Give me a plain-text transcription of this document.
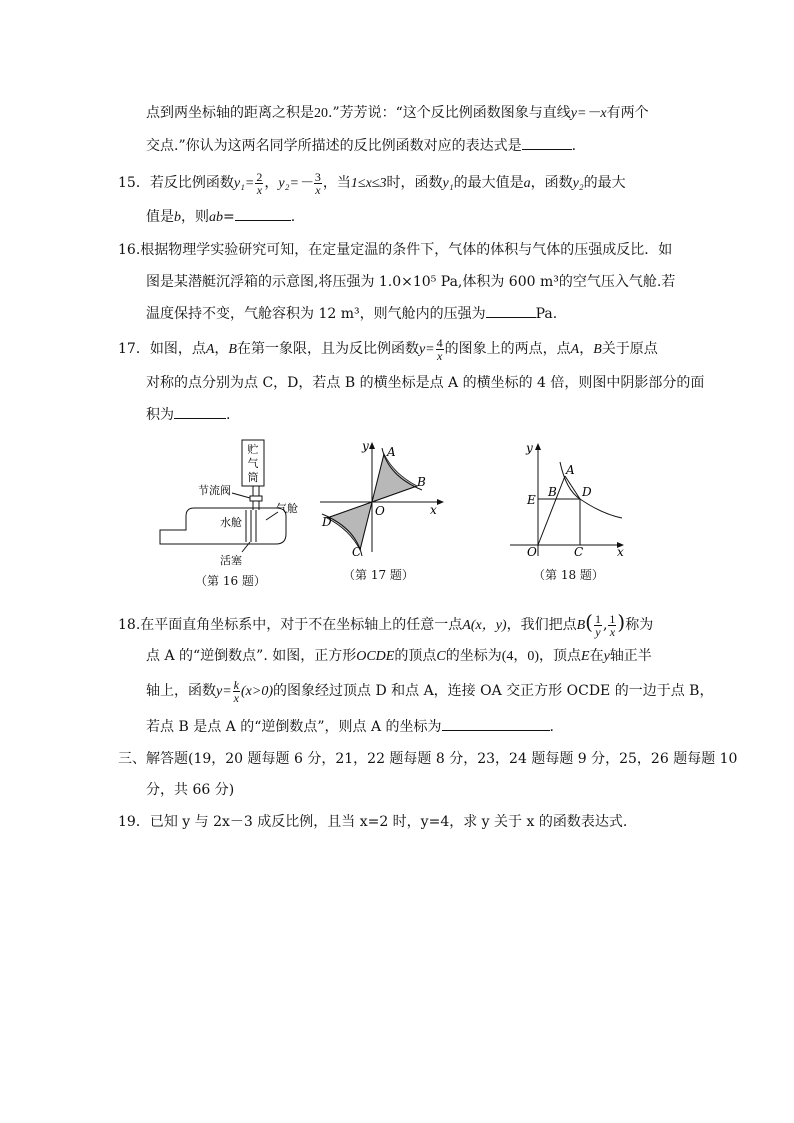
点到两坐标轴的距离之积是20.”芳芳说：“这个反比例函数图象与直线y=－x有两个
交点.”你认为这两名同学所描述的反比例函数对应的表达式是	.
15．若反比例函数$y_1= \frac{2}{x}$ ，$y_2=- \frac{3}{x}$ ，当1≤x≤3时，函数y₁的最大值是a，函数y₂的最大
值是b，则ab=	.
16.根据物理学实验研究可知，在定量定温的条件下，气体的体积与气体的压强成反比．如
图是某潜艇沉浮箱的示意图,将压强为 1.0×10⁵ Pa,体积为 600 m³的空气压入气舱.若
温度保持不变，气舱容积为 12 m³，则气舱内的压强为	Pa.
17．如图，点A，B在第一象限，且为反比例函数$y= \frac{4}{x}$ 的图象上的两点，点A，B关于原点
对称的点分别为点 C，D，若点 B 的横坐标是点 A 的横坐标的 4 倍，则图中阴影部分的面
积为	.
贮
气
筒
节流阀
水舱
气舱
活塞
（第 16 题）
y
x
A
B
C
D
O
（第 17 题）
y
x
A
B D
E
C
O
（第 18 题）
18.在平面直角坐标系中，对于不在坐标轴上的任意一点A(x，y)，我们把点$B( \frac{1}{y}$ , $\frac{1}{x}$ )称为
点 A 的“逆倒数点”. 如图，正方形OCDE的顶点C的坐标为(4，0)，顶点E在y轴正半
轴上，函数$y= \frac{k}{x} (x>0)$的图象经过顶点 D 和点 A，连接 OA 交正方形 OCDE 的一边于点 B，
若点 B 是点 A 的“逆倒数点”，则点 A 的坐标为	.
三、解答题(19，20 题每题 6 分，21，22 题每题 8 分，23，24 题每题 9 分，25，26 题每题 10
分，共 66 分)
19．已知 y 与 2x－3 成反比例，且当 x=2 时，y=4，求 y 关于 x 的函数表达式.
